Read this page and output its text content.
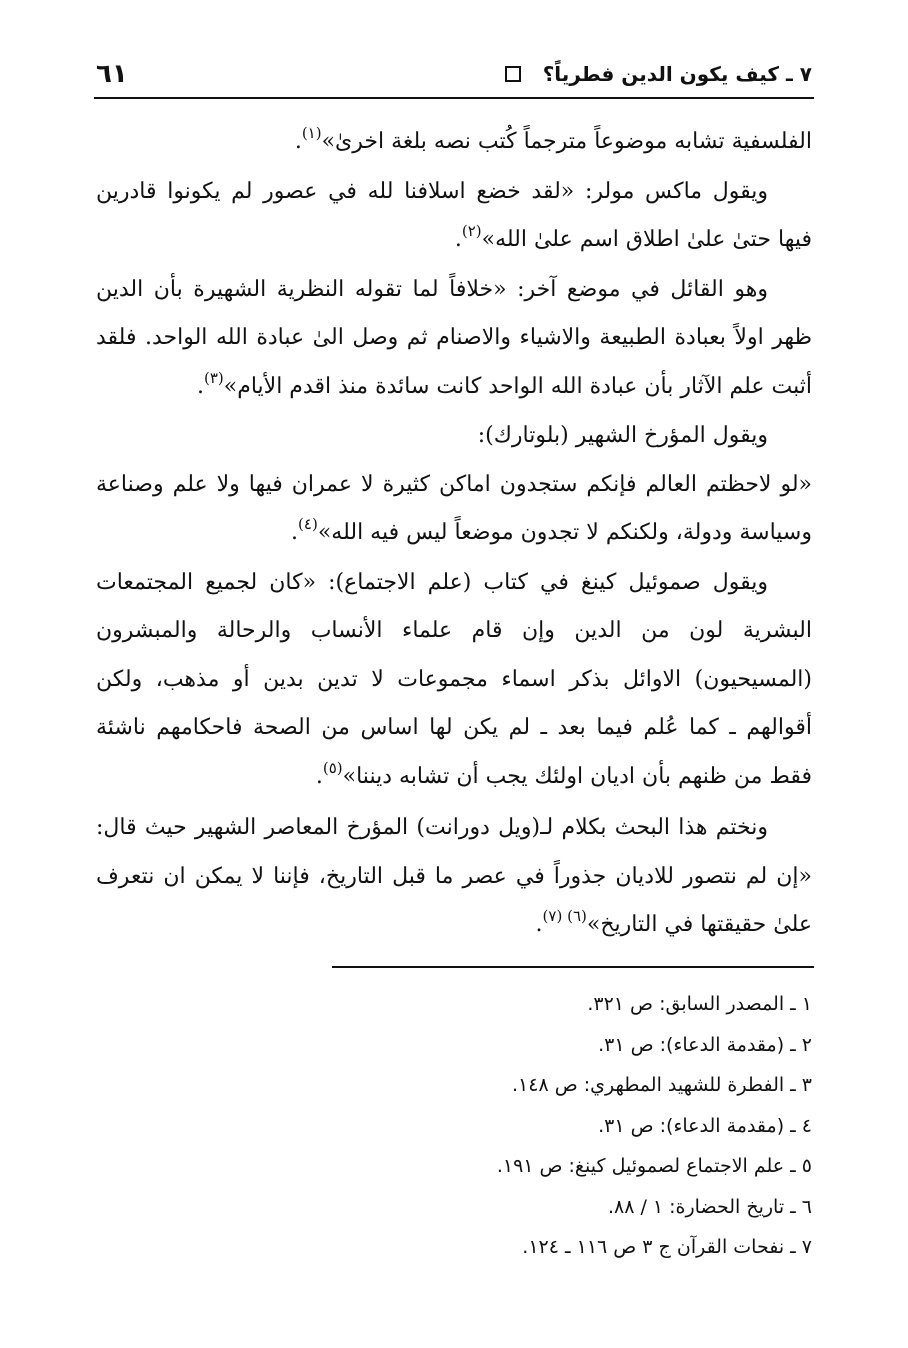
٧ ـ كيف يكون الدين فطرياً؟
٦١

الفلسفية تشابه موضوعاً مترجماً كُتب نصه بلغة اخرىٰ»$^{(١)}$.

ويقول ماكس مولر: «لقد خضع اسلافنا لله في عصور لم يكونوا قادرين فيها حتىٰ علىٰ اطلاق اسم علىٰ الله»$^{(٢)}$.

وهو القائل في موضع آخر: «خلافاً لما تقوله النظرية الشهيرة بأن الدين ظهر اولاً بعبادة الطبيعة والاشياء والاصنام ثم وصل الىٰ عبادة الله الواحد. فلقد أثبت علم الآثار بأن عبادة الله الواحد كانت سائدة منذ اقدم الأيام»$^{(٣)}$.

ويقول المؤرخ الشهير (بلوتارك):

«لو لاحظتم العالم فإنكم ستجدون اماكن كثيرة لا عمران فيها ولا علم وصناعة وسياسة ودولة، ولكنكم لا تجدون موضعاً ليس فيه الله»$^{(٤)}$.

ويقول صموئيل كينغ في كتاب (علم الاجتماع): «كان لجميع المجتمعات البشرية لون من الدين وإن قام علماء الأنساب والرحالة والمبشرون (المسيحيون) الاوائل بذكر اسماء مجموعات لا تدين بدين أو مذهب، ولكن أقوالهم ـ كما عُلم فيما بعد ـ لم يكن لها اساس من الصحة فاحكامهم ناشئة فقط من ظنهم بأن اديان اولئك يجب أن تشابه ديننا»$^{(٥)}$.

ونختم هذا البحث بكلام لـ(ويل دورانت) المؤرخ المعاصر الشهير حيث قال: «إن لم نتصور للاديان جذوراً في عصر ما قبل التاريخ، فإننا لا يمكن ان نتعرف علىٰ حقيقتها في التاريخ»$^{(٦) (٧)}$.

١ ـ المصدر السابق: ص ٣٢١.
٢ ـ (مقدمة الدعاء): ص ٣١.
٣ ـ الفطرة للشهيد المطهري: ص ١٤٨.
٤ ـ (مقدمة الدعاء): ص ٣١.
٥ ـ علم الاجتماع لصموئيل كينغ: ص ١٩١.
٦ ـ تاريخ الحضارة: ١ / ٨٨.
٧ ـ نفحات القرآن ج ٣ ص ١١٦ ـ ١٢٤.
